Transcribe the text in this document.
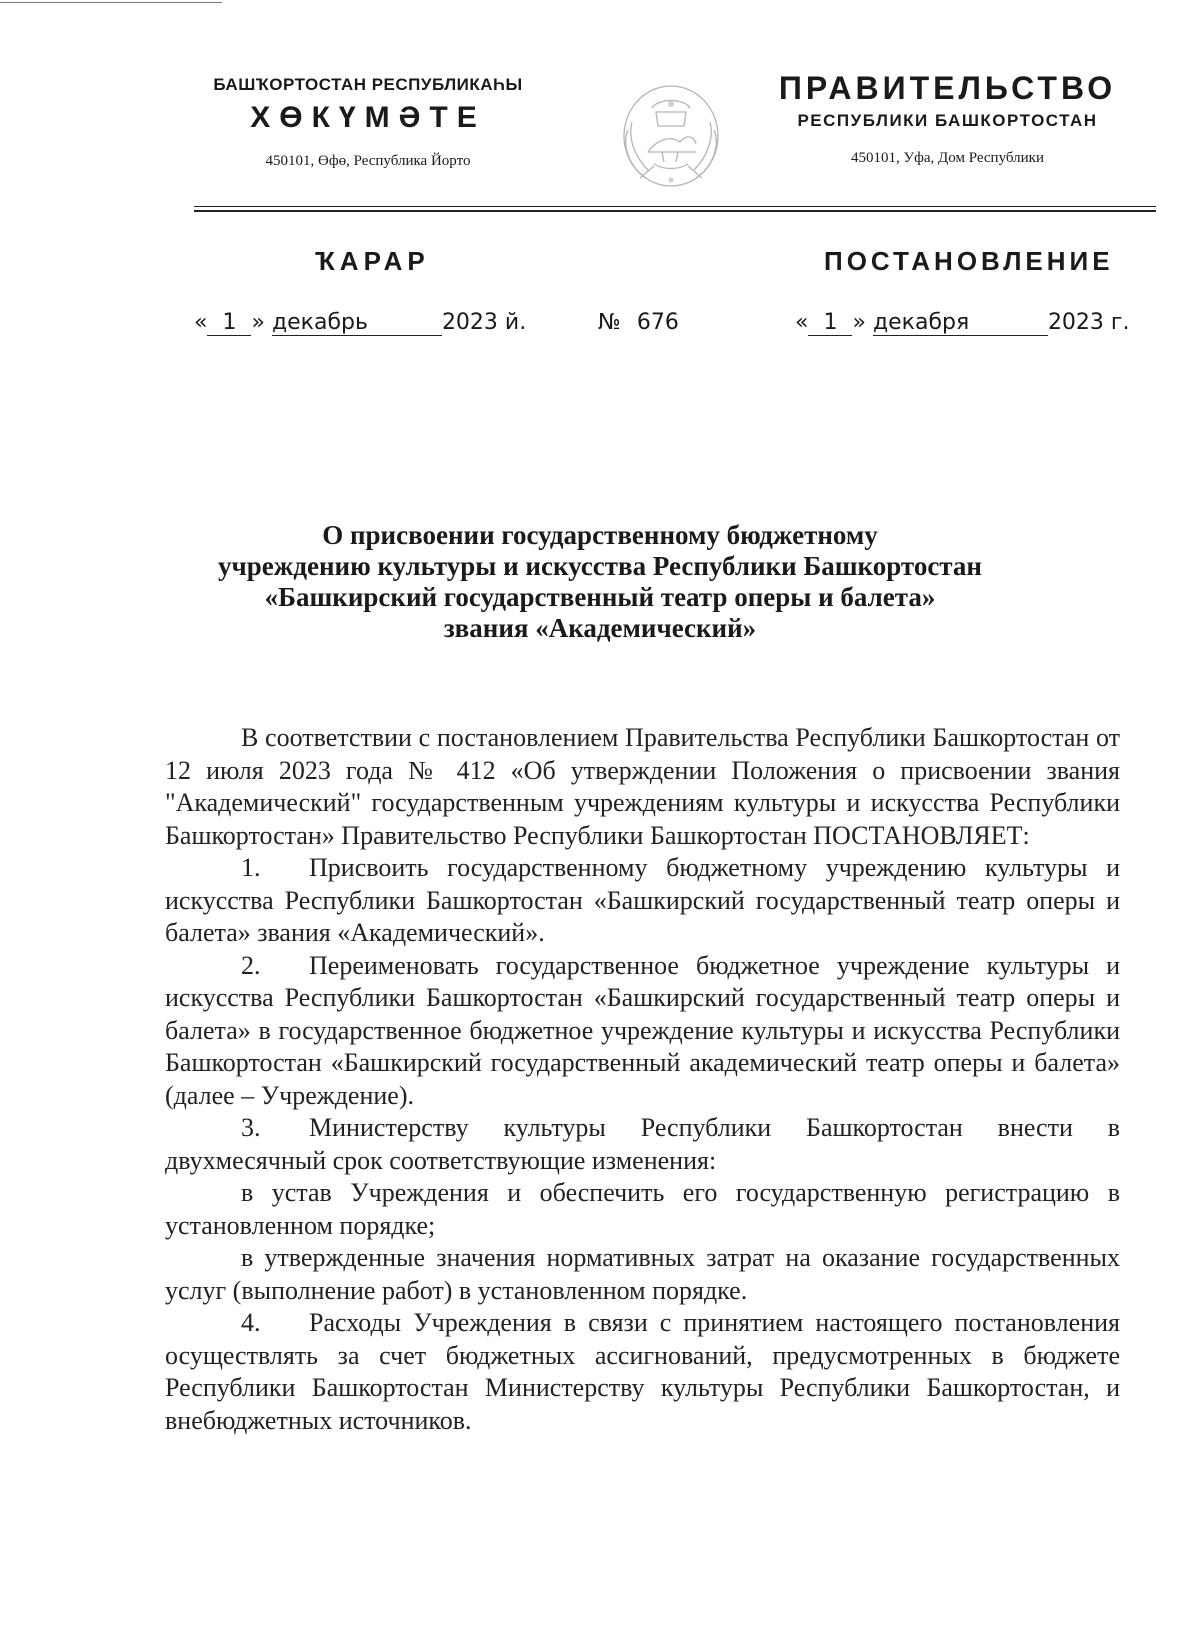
БАШҠОРТОСТАН РЕСПУБЛИКАҺЫ
ХӨКҮМӘТЕ
450101, Өфө, Республика Йорто
ПРАВИТЕЛЬСТВО
РЕСПУБЛИКИ БАШКОРТОСТАН
450101, Уфа, Дом Республики
ҠАРАР	ПОСТАНОВЛЕНИЕ
« 1 » декабрь	2023 й.	№ 676	« 1 » декабря	2023 г.
О присвоении государственному бюджетному
учреждению культуры и искусства Республики Башкортостан
«Башкирский государственный театр оперы и балета»
звания «Академический»

В соответствии с постановлением Правительства Республики Башкортостан от 12 июля 2023 года № 412 «Об утверждении Положения о присвоении звания "Академический" государственным учреждениям культуры и искусства Республики Башкортостан» Правительство Республики Башкортостан ПОСТАНОВЛЯЕТ:

1. Присвоить государственному бюджетному учреждению культуры и искусства Республики Башкортостан «Башкирский государственный театр оперы и балета» звания «Академический».

2. Переименовать государственное бюджетное учреждение культуры и искусства Республики Башкортостан «Башкирский государственный театр оперы и балета» в государственное бюджетное учреждение культуры и искусства Республики Башкортостан «Башкирский государственный академический театр оперы и балета» (далее – Учреждение).

3. Министерству культуры Республики Башкортостан внести в двухмесячный срок соответствующие изменения:

в устав Учреждения и обеспечить его государственную регистрацию в установленном порядке;

в утвержденные значения нормативных затрат на оказание государственных услуг (выполнение работ) в установленном порядке.

4. Расходы Учреждения в связи с принятием настоящего постановления осуществлять за счет бюджетных ассигнований, предусмотренных в бюджете Республики Башкортостан Министерству культуры Республики Башкортостан, и внебюджетных источников.
